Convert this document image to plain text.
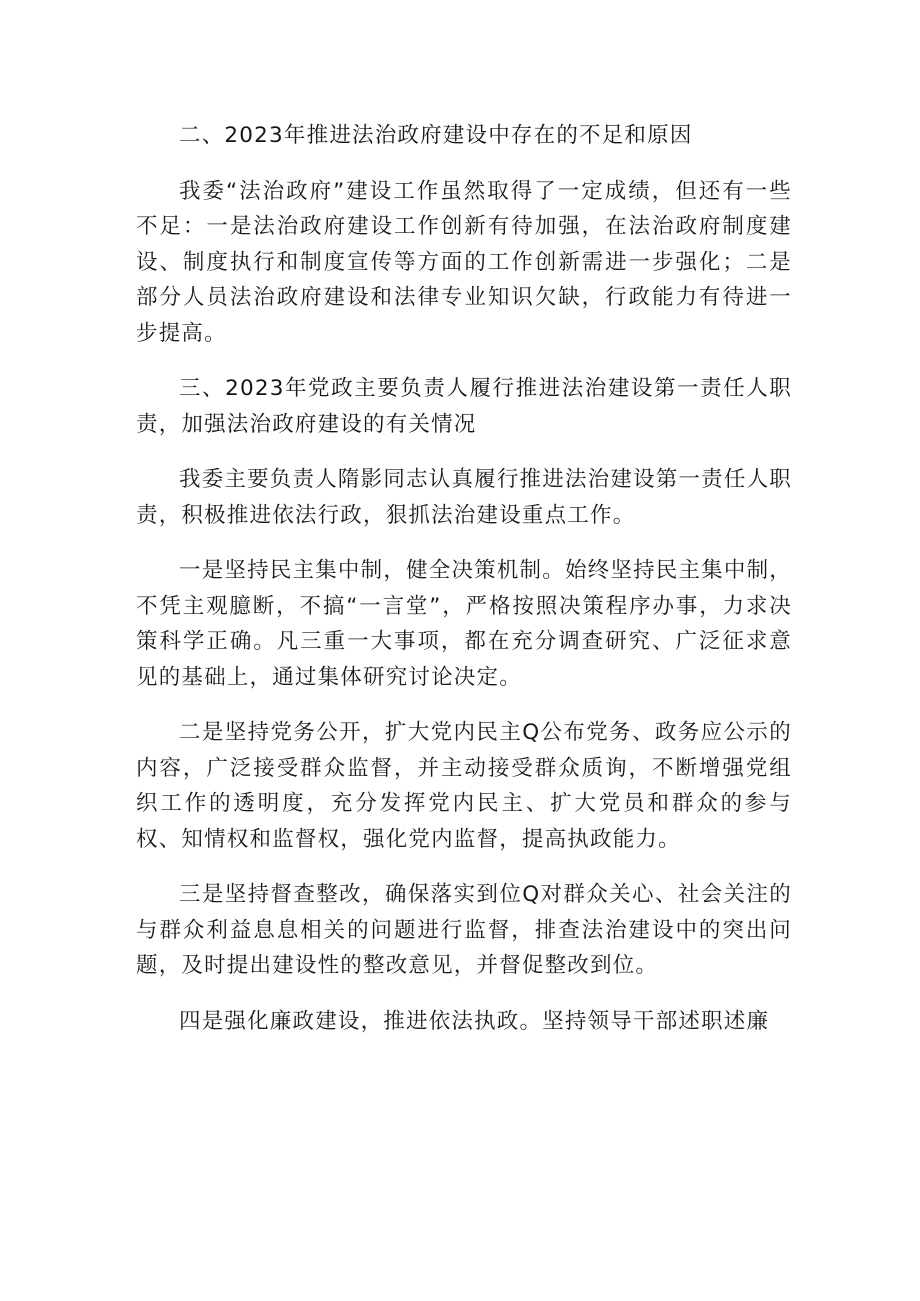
二、2023年推进法治政府建设中存在的不足和原因

我委“法治政府”建设工作虽然取得了一定成绩，但还有一些不足：一是法治政府建设工作创新有待加强，在法治政府制度建设、制度执行和制度宣传等方面的工作创新需进一步强化；二是部分人员法治政府建设和法律专业知识欠缺，行政能力有待进一步提高。

三、2023年党政主要负责人履行推进法治建设第一责任人职责，加强法治政府建设的有关情况

我委主要负责人隋影同志认真履行推进法治建设第一责任人职责，积极推进依法行政，狠抓法治建设重点工作。

一是坚持民主集中制，健全决策机制。始终坚持民主集中制，不凭主观臆断，不搞“一言堂”，严格按照决策程序办事，力求决策科学正确。凡三重一大事项，都在充分调查研究、广泛征求意见的基础上，通过集体研究讨论决定。

二是坚持党务公开，扩大党内民主Q公布党务、政务应公示的内容，广泛接受群众监督，并主动接受群众质询，不断增强党组织工作的透明度，充分发挥党内民主、扩大党员和群众的参与权、知情权和监督权，强化党内监督，提高执政能力。

三是坚持督查整改，确保落实到位Q对群众关心、社会关注的与群众利益息息相关的问题进行监督，排查法治建设中的突出问题，及时提出建设性的整改意见，并督促整改到位。

四是强化廉政建设，推进依法执政。坚持领导干部述职述廉
